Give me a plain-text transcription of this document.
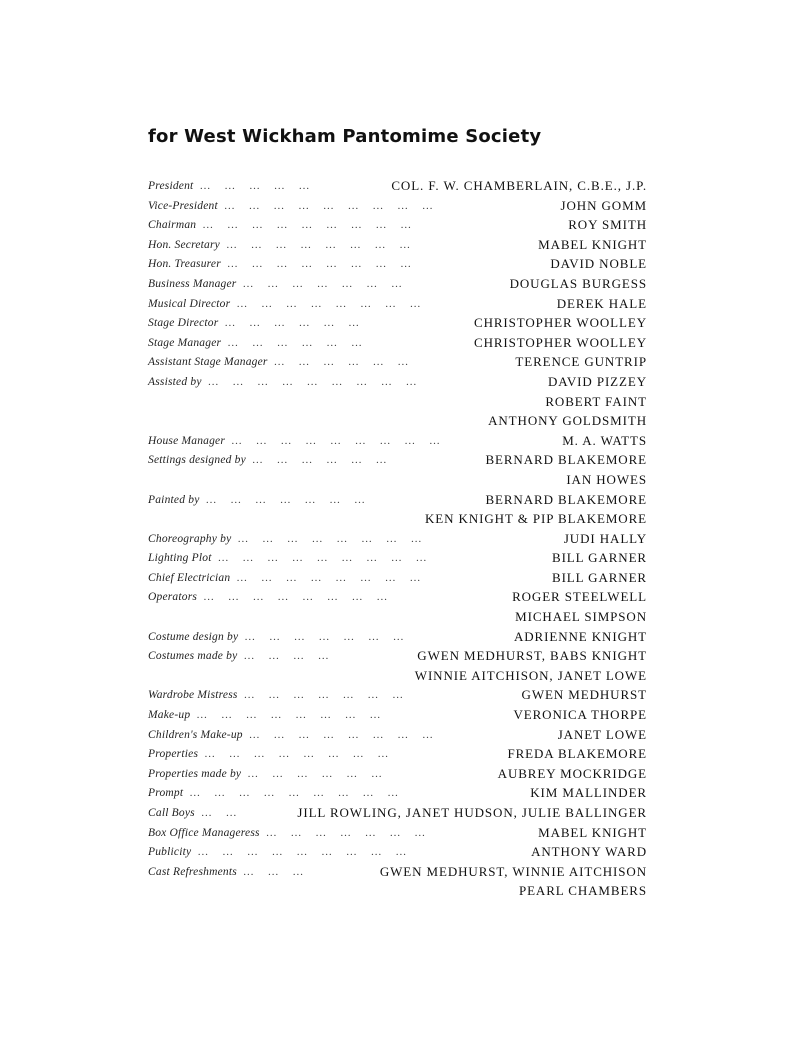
for West Wickham Pantomime Society
President	COL. F. W. CHAMBERLAIN, C.B.E., J.P.
…     …     …     …     …
Vice-President	JOHN GOMM
…     …     …     …     …     …     …     …     …
Chairman	ROY SMITH
…     …     …     …     …     …     …     …     …
Hon. Secretary	MABEL KNIGHT
…     …     …     …     …     …     …     …
Hon. Treasurer	DAVID NOBLE
…     …     …     …     …     …     …     …
Business Manager	DOUGLAS BURGESS
…     …     …     …     …     …     …
Musical Director	DEREK HALE
…     …     …     …     …     …     …     …
Stage Director	CHRISTOPHER WOOLLEY
…     …     …     …     …     …
Stage Manager	CHRISTOPHER WOOLLEY
…     …     …     …     …     …
Assistant Stage Manager	TERENCE GUNTRIP
…     …     …     …     …     …
Assisted by	DAVID PIZZEY
…     …     …     …     …     …     …     …     …
ROBERT FAINT
ANTHONY GOLDSMITH
House Manager	M. A. WATTS
…     …     …     …     …     …     …     …     …
Settings designed by	BERNARD BLAKEMORE
…     …     …     …     …     …
IAN HOWES
Painted by	BERNARD BLAKEMORE
…     …     …     …     …     …     …
KEN KNIGHT & PIP BLAKEMORE
Choreography by	JUDI HALLY
…     …     …     …     …     …     …     …
Lighting Plot	BILL GARNER
…     …     …     …     …     …     …     …     …
Chief Electrician	BILL GARNER
…     …     …     …     …     …     …     …
Operators	ROGER STEELWELL
…     …     …     …     …     …     …     …
MICHAEL SIMPSON
Costume design by	ADRIENNE KNIGHT
…     …     …     …     …     …     …
Costumes made by	GWEN MEDHURST, BABS KNIGHT
…     …     …     …
WINNIE AITCHISON, JANET LOWE
Wardrobe Mistress	GWEN MEDHURST
…     …     …     …     …     …     …
Make-up	VERONICA THORPE
…     …     …     …     …     …     …     …
Children's Make-up	JANET LOWE
…     …     …     …     …     …     …     …
Properties	FREDA BLAKEMORE
…     …     …     …     …     …     …     …
Properties made by	AUBREY MOCKRIDGE
…     …     …     …     …     …
Prompt	KIM MALLINDER
…     …     …     …     …     …     …     …     …
Call Boys	JILL ROWLING, JANET HUDSON, JULIE BALLINGER
…     …
Box Office Manageress	MABEL KNIGHT
…     …     …     …     …     …     …
Publicity	ANTHONY WARD
…     …     …     …     …     …     …     …     …
Cast Refreshments	GWEN MEDHURST, WINNIE AITCHISON
…     …     …
PEARL CHAMBERS
